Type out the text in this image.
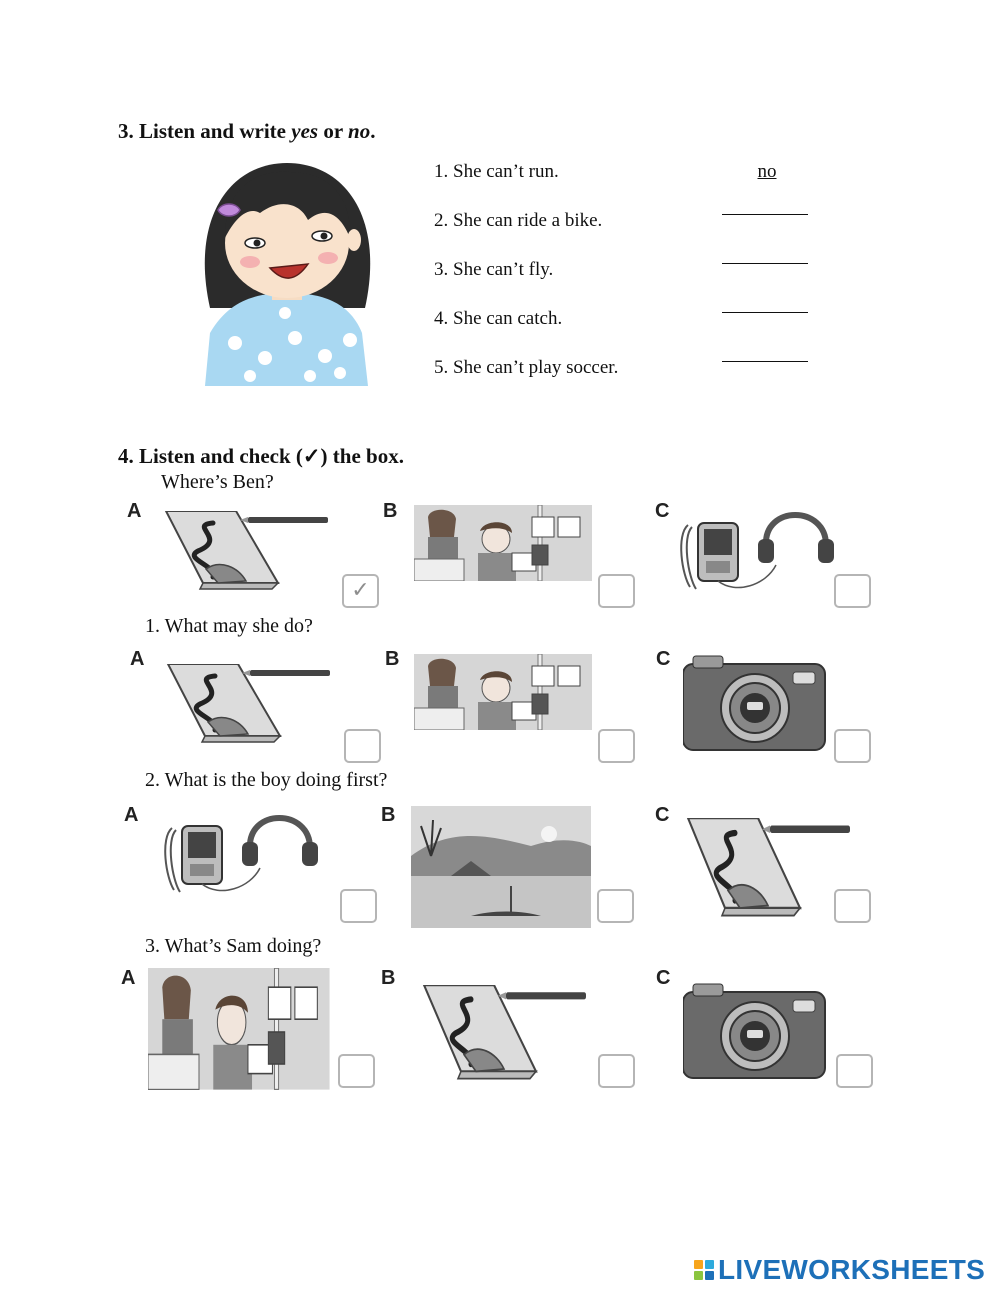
3. Listen and write yes or no.
1. She can’t run.	no
2. She can ride a bike.
3. She can’t fly.
4. She can catch.
5. She can’t play soccer.
4. Listen and check (✓) the box.
Where’s Ben?
A
✓
B	C
1. What may she do?
A	B	C
2. What is the boy doing first?
A	B	C
3. What’s Sam doing?
A	B	C
LIVEWORKSHEETS
